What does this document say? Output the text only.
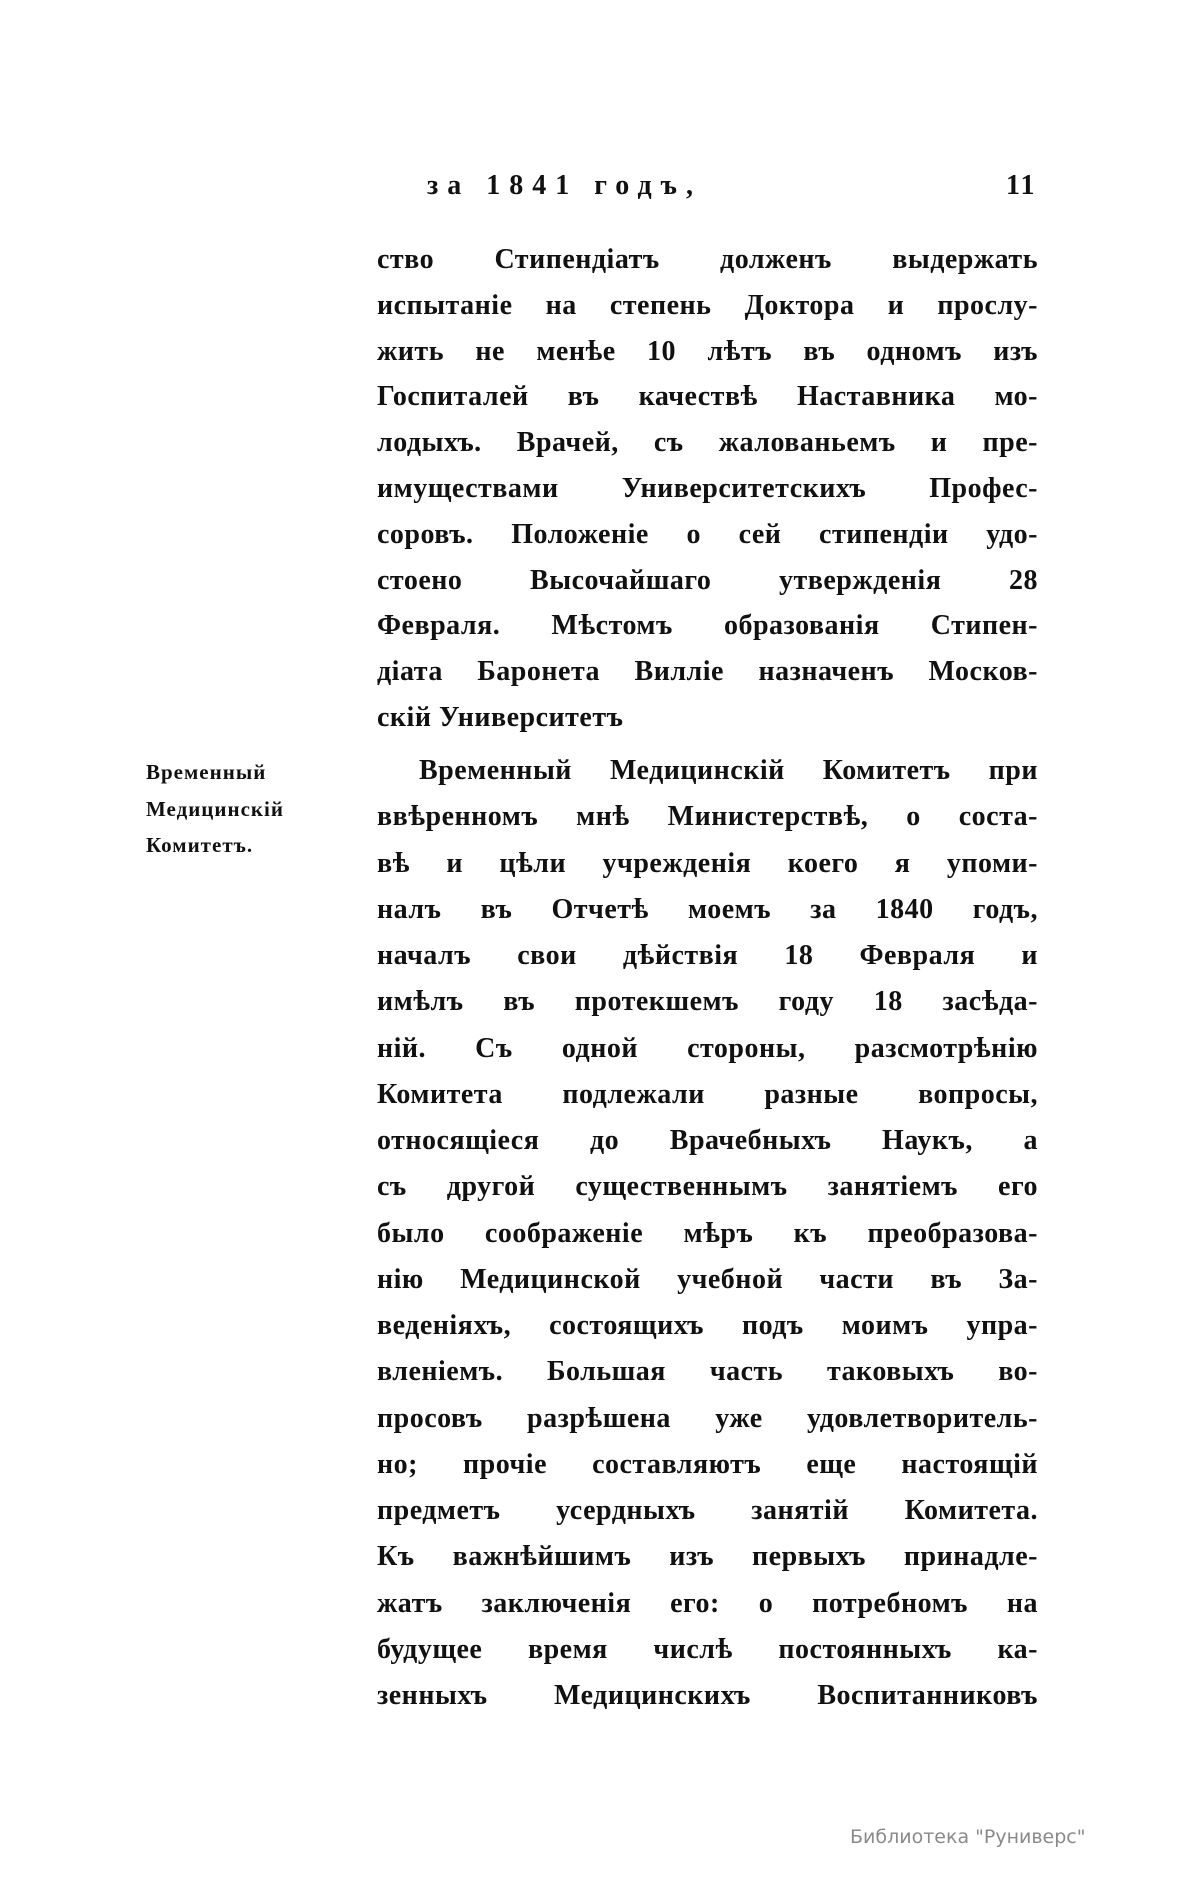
за 1841 годъ,	11
ство Стипендіатъ долженъ выдержать
испытаніе на степень Доктора и прослу-
жить не менѣе 10 лѣтъ въ одномъ изъ
Госпиталей въ качествѣ Наставника мо-
лодыхъ. Врачей, съ жалованьемъ и пре-
имуществами Университетскихъ Профес-
соровъ. Положеніе о сей стипендіи удо-
стоено Высочайшаго утвержденія 28
Февраля. Мѣстомъ образованія Стипен-
діата Баронета Вилліе назначенъ Москов-
скій Университетъ
Временный Медицинскій Комитетъ при
ввѣренномъ мнѣ Министерствѣ, о соста-
вѣ и цѣли учрежденія коего я упоми-
налъ въ Отчетѣ моемъ за 1840 годъ,
началъ свои дѣйствія 18 Февраля и
имѣлъ въ протекшемъ году 18 засѣда-
ній. Съ одной стороны, разсмотрѣнію
Комитета подлежали разные вопросы,
относящіеся до Врачебныхъ Наукъ, а
съ другой существеннымъ занятіемъ его
было соображеніе мѣръ къ преобразова-
нію Медицинской учебной части въ За-
веденіяхъ, состоящихъ подъ моимъ упра-
вленіемъ. Большая часть таковыхъ во-
просовъ разрѣшена уже удовлетворитель-
но; прочіе составляютъ еще настоящій
предметъ усердныхъ занятій Комитета.
Къ важнѣйшимъ изъ первыхъ принадле-
жатъ заключенія его: о потребномъ на
будущее время числѣ постоянныхъ ка-
зенныхъ Медицинскихъ Воспитанниковъ
Временный
Медицинскій
Комитетъ.
Библиотека "Руниверс"
